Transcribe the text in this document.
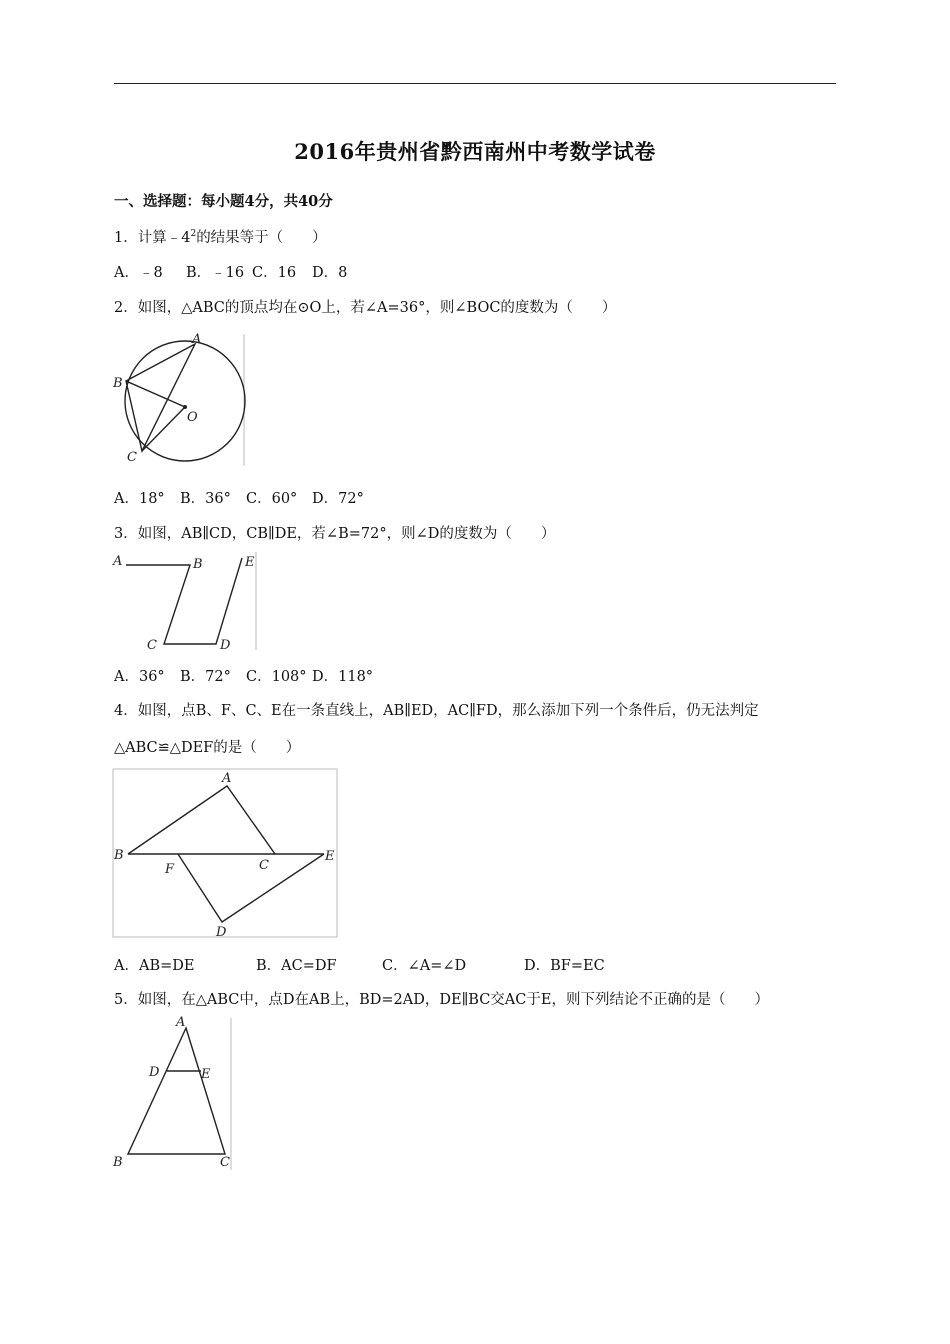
2016年贵州省黔西南州中考数学试卷
一、选择题：每小题4分，共40分
1．计算$﹣4^2$的结果等于（　　）
A．﹣8 B．﹣16 C．16 D．8
2．如图，△ABC的顶点均在⊙O上，若∠A=36°，则∠BOC的度数为（　　）
A
B
O
C
A．18° B．36° C．60° D．72°
3．如图，AB∥CD，CB∥DE，若∠B=72°，则∠D的度数为（　　）
A	B	E
C	D
A．36° B．72° C．108° D．118°
4．如图，点B、F、C、E在一条直线上，AB∥ED，AC∥FD，那么添加下列一个条件后，仍无法判定
△ABC≌△DEF的是（　　）
A
B
F	C
E
D
A．AB=DE	B．AC=DF	C．∠A=∠D	D．BF=EC
5．如图，在△ABC中，点D在AB上，BD=2AD，DE∥BC交AC于E，则下列结论不正确的是（　　）
A
D	E
B	C
